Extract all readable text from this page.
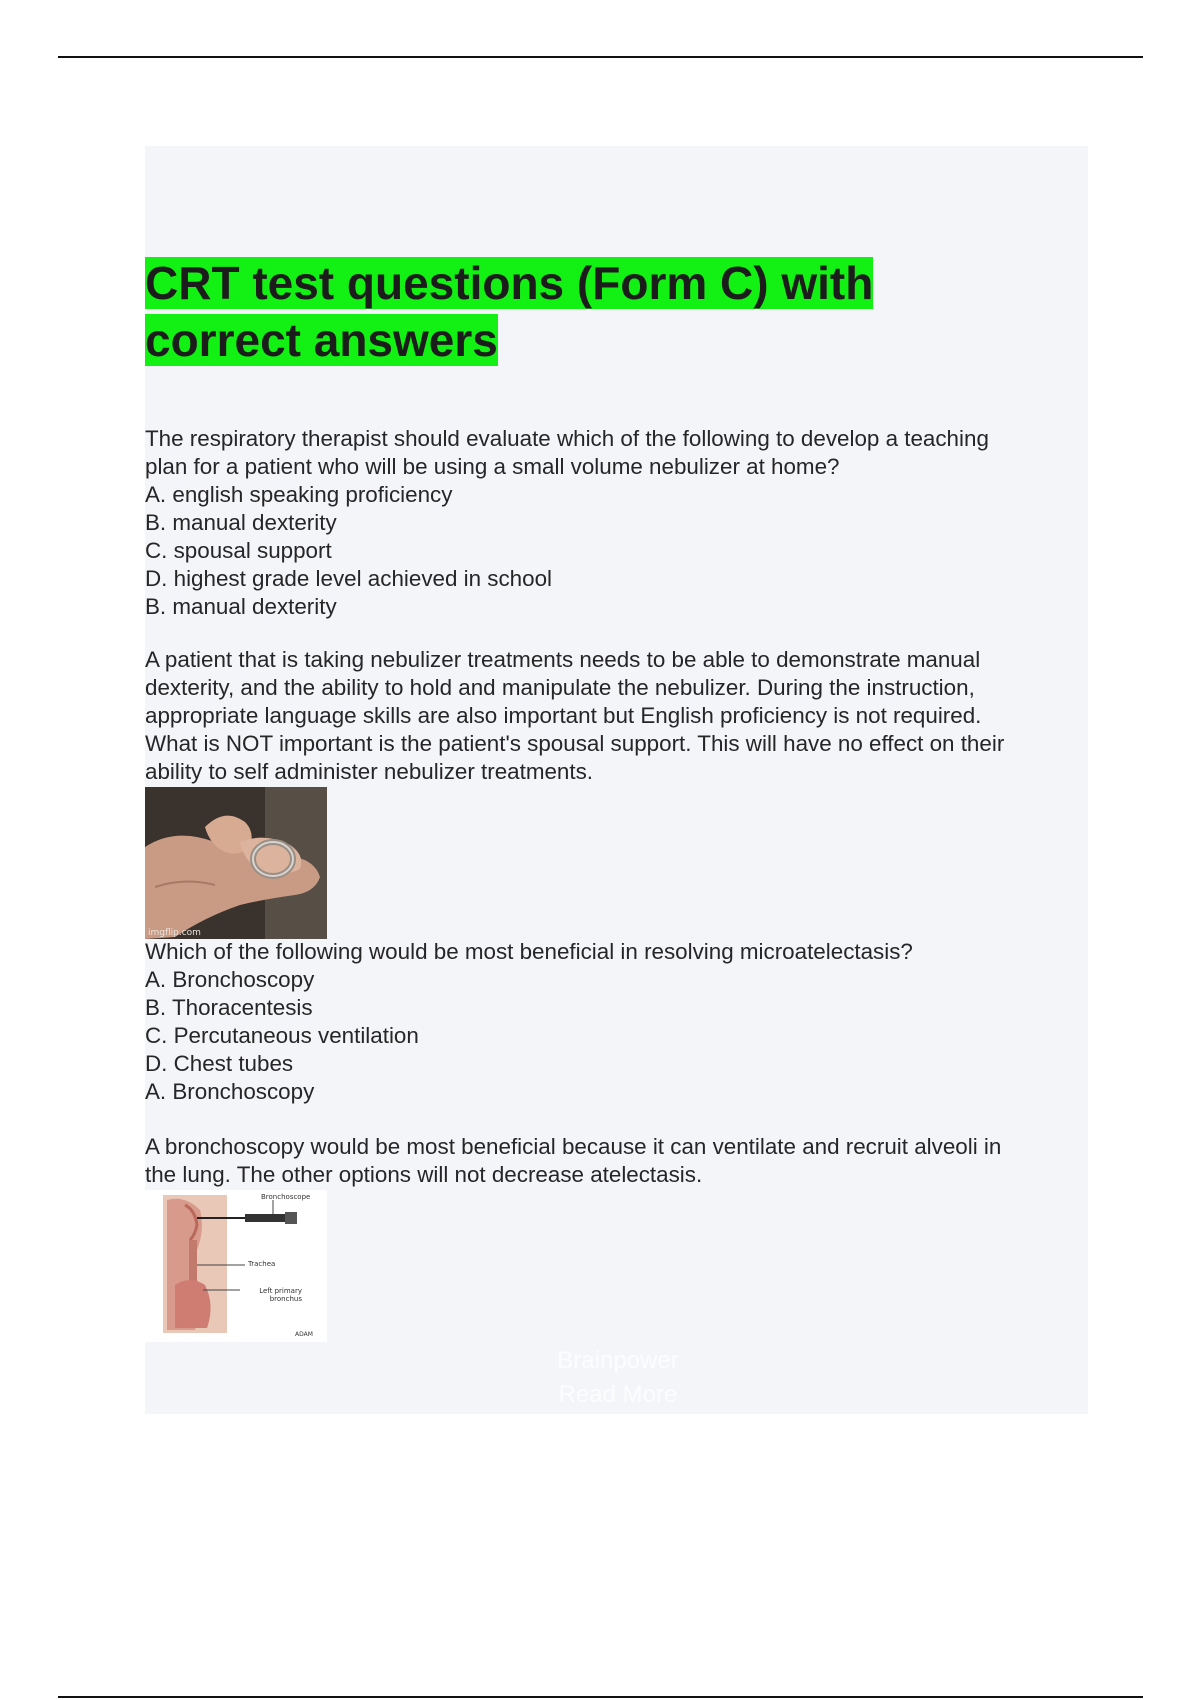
CRT test questions (Form C) with
correct answers
The respiratory therapist should evaluate which of the following to develop a teaching
plan for a patient who will be using a small volume nebulizer at home?
A. english speaking proficiency
B. manual dexterity
C. spousal support
D. highest grade level achieved in school
B. manual dexterity
A patient that is taking nebulizer treatments needs to be able to demonstrate manual
dexterity, and the ability to hold and manipulate the nebulizer. During the instruction,
appropriate language skills are also important but English proficiency is not required.
What is NOT important is the patient's spousal support. This will have no effect on their
ability to self administer nebulizer treatments.
imgflip.com
Which of the following would be most beneficial in resolving microatelectasis?
A. Bronchoscopy
B. Thoracentesis
C. Percutaneous ventilation
D. Chest tubes
A. Bronchoscopy
A bronchoscopy would be most beneficial because it can ventilate and recruit alveoli in
the lung. The other options will not decrease atelectasis.
Bronchoscope
Trachea
Left primary bronchus
ADAM
Brainpower
Read More
